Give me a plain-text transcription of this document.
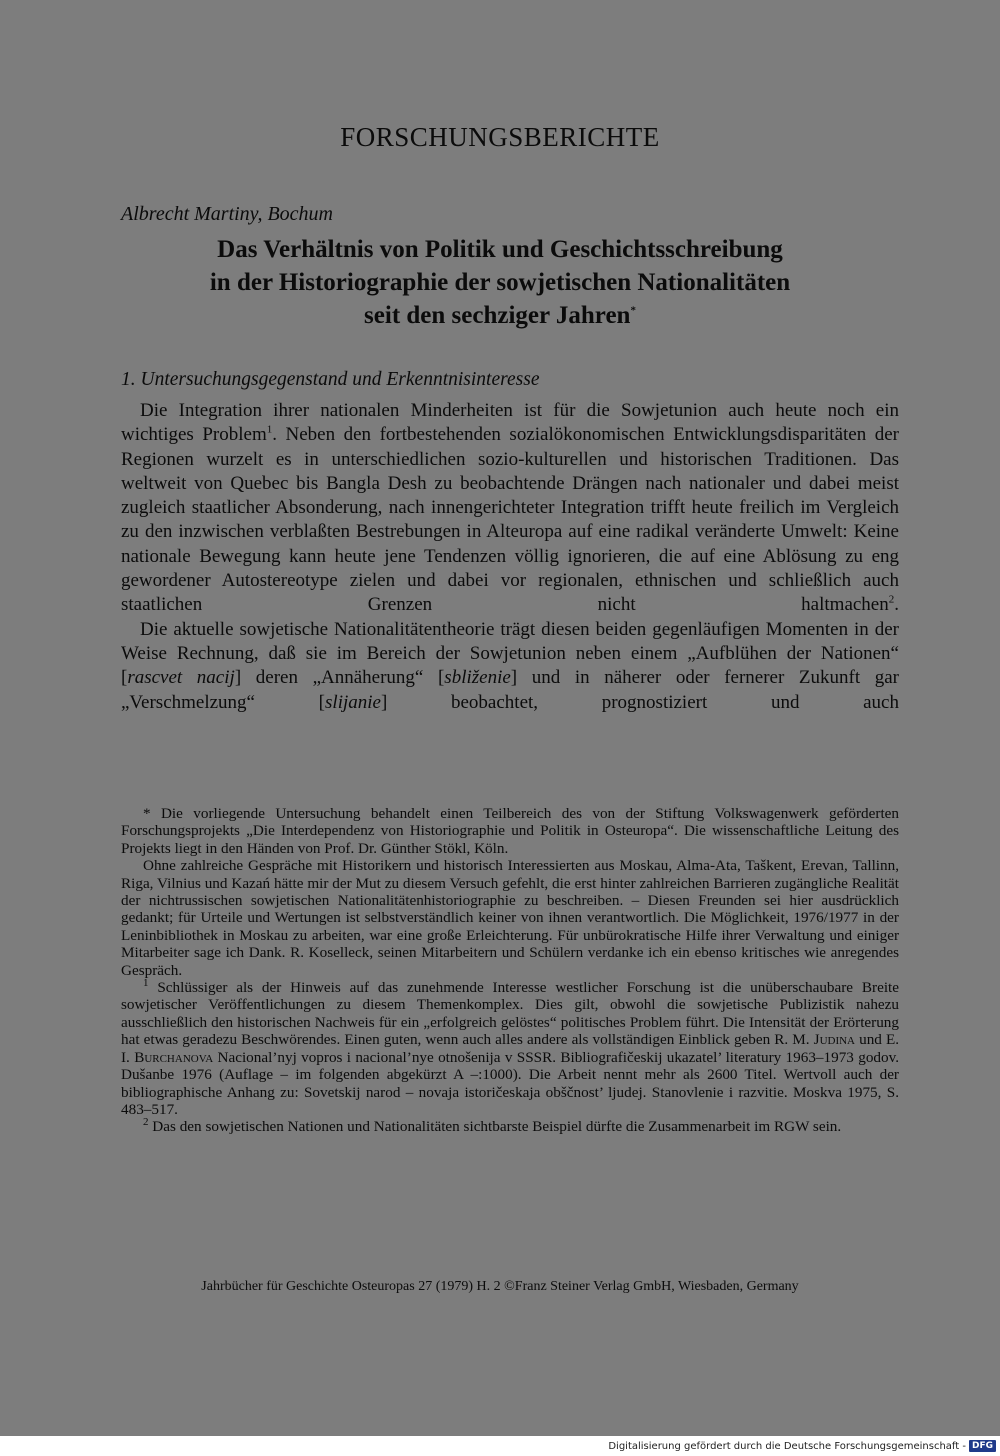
FORSCHUNGSBERICHTE
Albrecht Martiny, Bochum
Das Verhältnis von Politik und Geschichtsschreibung
in der Historiographie der sowjetischen Nationalitäten
seit den sechziger Jahren*
1. Untersuchungsgegenstand und Erkenntnisinteresse

Die Integration ihrer nationalen Minderheiten ist für die Sowjetunion auch heute noch ein wichtiges Problem$^1$. Neben den fortbestehenden sozialökonomischen Entwicklungsdisparitäten der Regionen wurzelt es in unterschiedlichen sozio-kulturellen und historischen Traditionen. Das weltweit von Quebec bis Bangla Desh zu beobachtende Drängen nach nationaler und dabei meist zugleich staatlicher Absonderung, nach innengerichteter Integration trifft heute freilich im Vergleich zu den inzwischen verblaßten Bestrebungen in Alteuropa auf eine radikal veränderte Umwelt: Keine nationale Bewegung kann heute jene Tendenzen völlig ignorieren, die auf eine Ablösung zu eng gewordener Autostereotype zielen und dabei vor regionalen, ethnischen und schließlich auch staatlichen Grenzen nicht haltmachen$^2$.

Die aktuelle sowjetische Nationalitätentheorie trägt diesen beiden gegenläufigen Momenten in der Weise Rechnung, daß sie im Bereich der Sowjetunion neben einem „Aufblühen der Nationen“ [rascvet nacij] deren „Annäherung“ [sbliženie] und in näherer oder fernerer Zukunft gar „Verschmelzung“ [slijanie] beobachtet, prognostiziert und auch

* Die vorliegende Untersuchung behandelt einen Teilbereich des von der Stiftung Volkswagenwerk geförderten Forschungsprojekts „Die Interdependenz von Historiographie und Politik in Osteuropa“. Die wissenschaftliche Leitung des Projekts liegt in den Händen von Prof. Dr. Günther Stökl, Köln.

Ohne zahlreiche Gespräche mit Historikern und historisch Interessierten aus Moskau, Alma-Ata, Taškent, Erevan, Tallinn, Riga, Vilnius und Kazań hätte mir der Mut zu diesem Versuch gefehlt, die erst hinter zahlreichen Barrieren zugängliche Realität der nichtrussischen sowjetischen Nationalitätenhistoriographie zu beschreiben. – Diesen Freunden sei hier ausdrücklich gedankt; für Urteile und Wertungen ist selbstverständlich keiner von ihnen verantwortlich. Die Möglichkeit, 1976/1977 in der Leninbibliothek in Moskau zu arbeiten, war eine große Erleichterung. Für unbürokratische Hilfe ihrer Verwaltung und einiger Mitarbeiter sage ich Dank. R. Koselleck, seinen Mitarbeitern und Schülern verdanke ich ein ebenso kritisches wie anregendes Gespräch.

$^1$ Schlüssiger als der Hinweis auf das zunehmende Interesse westlicher Forschung ist die unüberschaubare Breite sowjetischer Veröffentlichungen zu diesem Themenkomplex. Dies gilt, obwohl die sowjetische Publizistik nahezu ausschließlich den historischen Nachweis für ein „erfolgreich gelöstes“ politisches Problem führt. Die Intensität der Erörterung hat etwas geradezu Beschwörendes. Einen guten, wenn auch alles andere als vollständigen Einblick geben R. M. Judina und E. I. Burchanova Nacional’nyj vopros i nacional’nye otnošenija v SSSR. Bibliografičeskij ukazatel’ literatury 1963–1973 godov. Dušanbe 1976 (Auflage – im folgenden abgekürzt A –:1000). Die Arbeit nennt mehr als 2600 Titel. Wertvoll auch der bibliographische Anhang zu: Sovetskij narod – novaja istoričeskaja obščnost’ ljudej. Stanovlenie i razvitie. Moskva 1975, S. 483–517.

$^2$ Das den sowjetischen Nationen und Nationalitäten sichtbarste Beispiel dürfte die Zusammenarbeit im RGW sein.

Jahrbücher für Geschichte Osteuropas 27 (1979) H. 2 ©Franz Steiner Verlag GmbH, Wiesbaden, Germany
Digitalisierung gefördert durch die Deutsche Forschungsgemeinschaft - DFG
